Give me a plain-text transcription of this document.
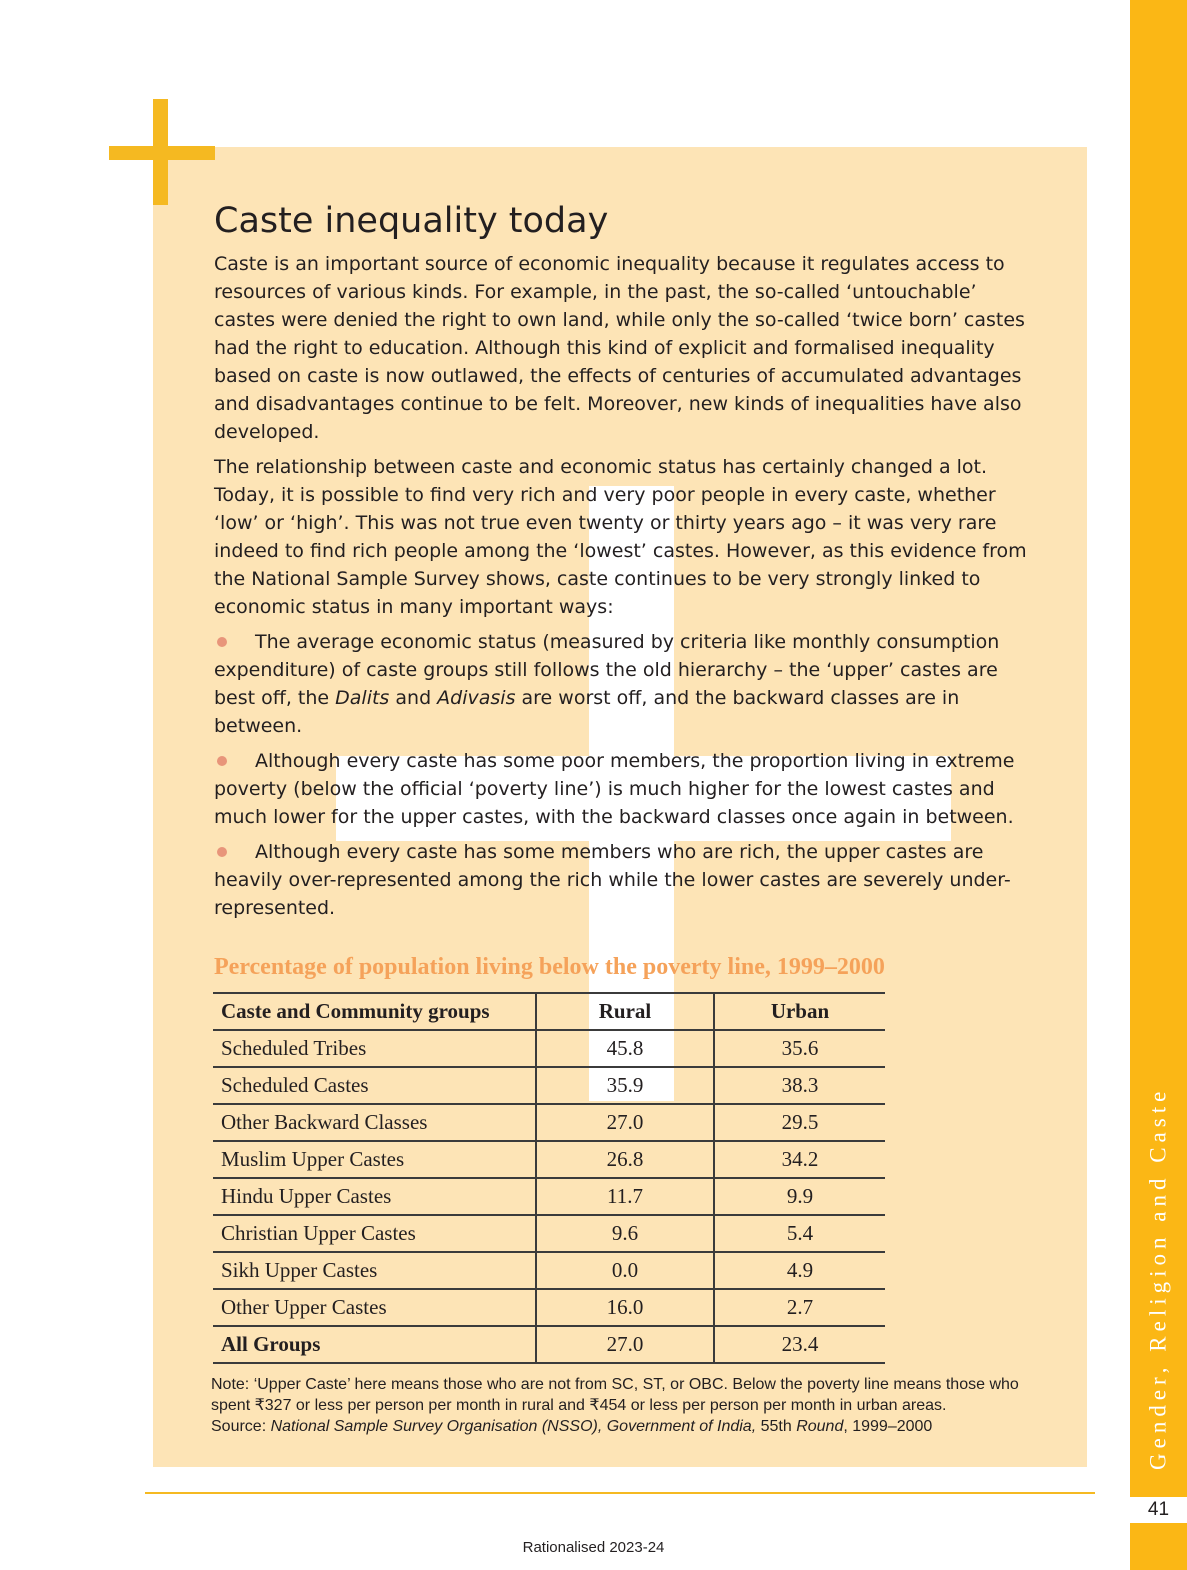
Caste inequality today

Caste is an important source of economic inequality because it regulates access to resources of various kinds. For example, in the past, the so-called ‘untouchable’ castes were denied the right to own land, while only the so-called ‘twice born’ castes had the right to education. Although this kind of explicit and formalised inequality based on caste is now outlawed, the effects of centuries of accumulated advantages and disadvantages continue to be felt. Moreover, new kinds of inequalities have also developed.

The relationship between caste and economic status has certainly changed a lot. Today, it is possible to find very rich and very poor people in every caste, whether ‘low’ or ‘high’. This was not true even twenty or thirty years ago – it was very rare indeed to find rich people among the ‘lowest’ castes. However, as this evidence from the National Sample Survey shows, caste continues to be very strongly linked to economic status in many important ways:

The average economic status (measured by criteria like monthly consumption expenditure) of caste groups still follows the old hierarchy – the ‘upper’ castes are best off, the Dalits and Adivasis are worst off, and the backward classes are in between.

Although every caste has some poor members, the proportion living in extreme poverty (below the official ‘poverty line’) is much higher for the lowest castes and much lower for the upper castes, with the backward classes once again in between.

Although every caste has some members who are rich, the upper castes are heavily over-represented among the rich while the lower castes are severely under-represented.

Percentage of population living below the poverty line, 1999–2000
Caste and Community groups	Rural	Urban
Scheduled Tribes	45.8	35.6
Scheduled Castes	35.9	38.3
Other Backward Classes	27.0	29.5
Muslim Upper Castes	26.8	34.2
Hindu Upper Castes	11.7	9.9
Christian Upper Castes	9.6	5.4
Sikh Upper Castes	0.0	4.9
Other Upper Castes	16.0	2.7
All Groups	27.0	23.4

Note: ‘Upper Caste’ here means those who are not from SC, ST, or OBC. Below the poverty line means those who spent ₹327 or less per person per month in rural and ₹454 or less per person per month in urban areas.

Source: National Sample Survey Organisation (NSSO), Government of India, 55th Round, 1999–2000	Gender, Religion and Caste
41
Rationalised 2023-24
